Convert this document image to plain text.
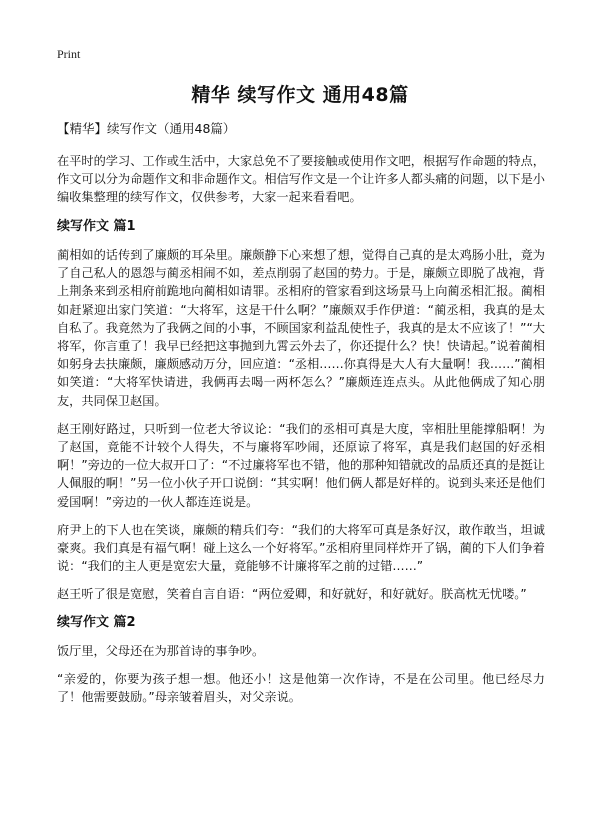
Print
精华 续写作文 通用48篇

【精华】续写作文（通用48篇）

在平时的学习、工作或生活中，大家总免不了要接触或使用作文吧，根据写作命题的特点，作文可以分为命题作文和非命题作文。相信写作文是一个让许多人都头痛的问题，以下是小编收集整理的续写作文，仅供参考，大家一起来看看吧。

续写作文 篇1

蔺相如的话传到了廉颇的耳朵里。廉颇静下心来想了想，觉得自己真的是太鸡肠小肚，竟为了自己私人的恩怨与蔺丞相闹不如，差点削弱了赵国的势力。于是，廉颇立即脱了战袍，背上荆条来到丞相府前跪地向蔺相如请罪。丞相府的管家看到这场景马上向蔺丞相汇报。蔺相如赶紧迎出家门笑道：“大将军，这是干什么啊？”廉颇双手作伊道：“蔺丞相，我真的是太自私了。我竟然为了我俩之间的小事，不顾国家利益乱使性子，我真的是太不应该了！”“大将军，你言重了！我早已经把这事抛到九霄云外去了，你还提什么？快！快请起。”说着蔺相如躬身去扶廉颇，廉颇感动万分，回应道：“丞相……你真得是大人有大量啊！我……”蔺相如笑道：“大将军快请进，我俩再去喝一两杯怎么？”廉颇连连点头。从此他俩成了知心朋友，共同保卫赵国。

赵王刚好路过，只听到一位老大爷议论：“我们的丞相可真是大度，宰相肚里能撑船啊！为了赵国，竟能不计较个人得失，不与廉将军吵闹，还原谅了将军，真是我们赵国的好丞相啊！”旁边的一位大叔开口了：“不过廉将军也不错，他的那种知错就改的品质还真的是挺让人佩服的啊！”另一位小伙子开口说倒：“其实啊！他们俩人都是好样的。说到头来还是他们爱国啊！”旁边的一伙人都连连说是。

府尹上的下人也在笑谈，廉颇的精兵们夸：“我们的大将军可真是条好汉，敢作敢当，坦诚豪爽。我们真是有福气啊！碰上这么一个好将军。”丞相府里同样炸开了锅，蔺的下人们争着说：“我们的主人更是宽宏大量，竟能够不计廉将军之前的过错……”

赵王听了很是宽慰，笑着自言自语：“两位爱卿，和好就好，和好就好。朕高枕无忧喽。”

续写作文 篇2

饭厅里，父母还在为那首诗的事争吵。

“亲爱的，你要为孩子想一想。他还小！这是他第一次作诗，不是在公司里。他已经尽力了！他需要鼓励。”母亲皱着眉头，对父亲说。
